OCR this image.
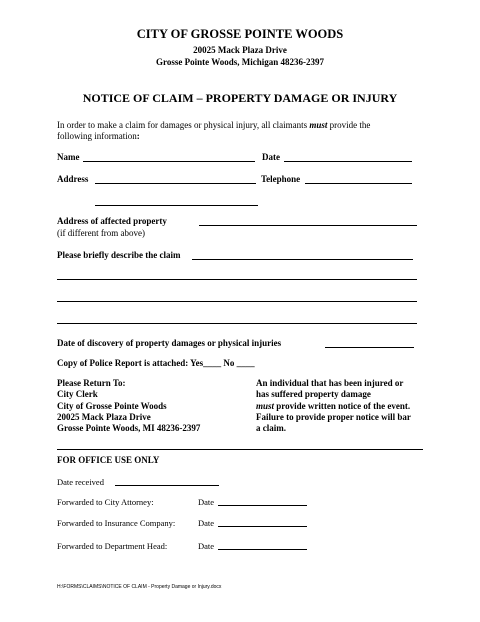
CITY OF GROSSE POINTE WOODS
20025 Mack Plaza Drive
Grosse Pointe Woods, Michigan 48236-2397
NOTICE OF CLAIM – PROPERTY DAMAGE OR INJURY
In order to make a claim for damages or physical injury, all claimants must provide the
following information:
Name	Date
Address	Telephone
Address of affected property
(if different from above)
Please briefly describe the claim
Date of discovery of property damages or physical injuries
Copy of Police Report is attached: Yes____ No ____
Please Return To:
City Clerk
City of Grosse Pointe Woods
20025 Mack Plaza Drive
Grosse Pointe Woods, MI 48236-2397
An individual that has been injured or
has suffered property damage
must provide written notice of the event.
Failure to provide proper notice will bar
a claim.
FOR OFFICE USE ONLY
Date received
Forwarded to City Attorney:	Date
Forwarded to Insurance Company:	Date
Forwarded to Department Head:	Date
H:\FORMS\CLAIMS\NOTICE OF CLAIM - Property Damage or Injury.docx
